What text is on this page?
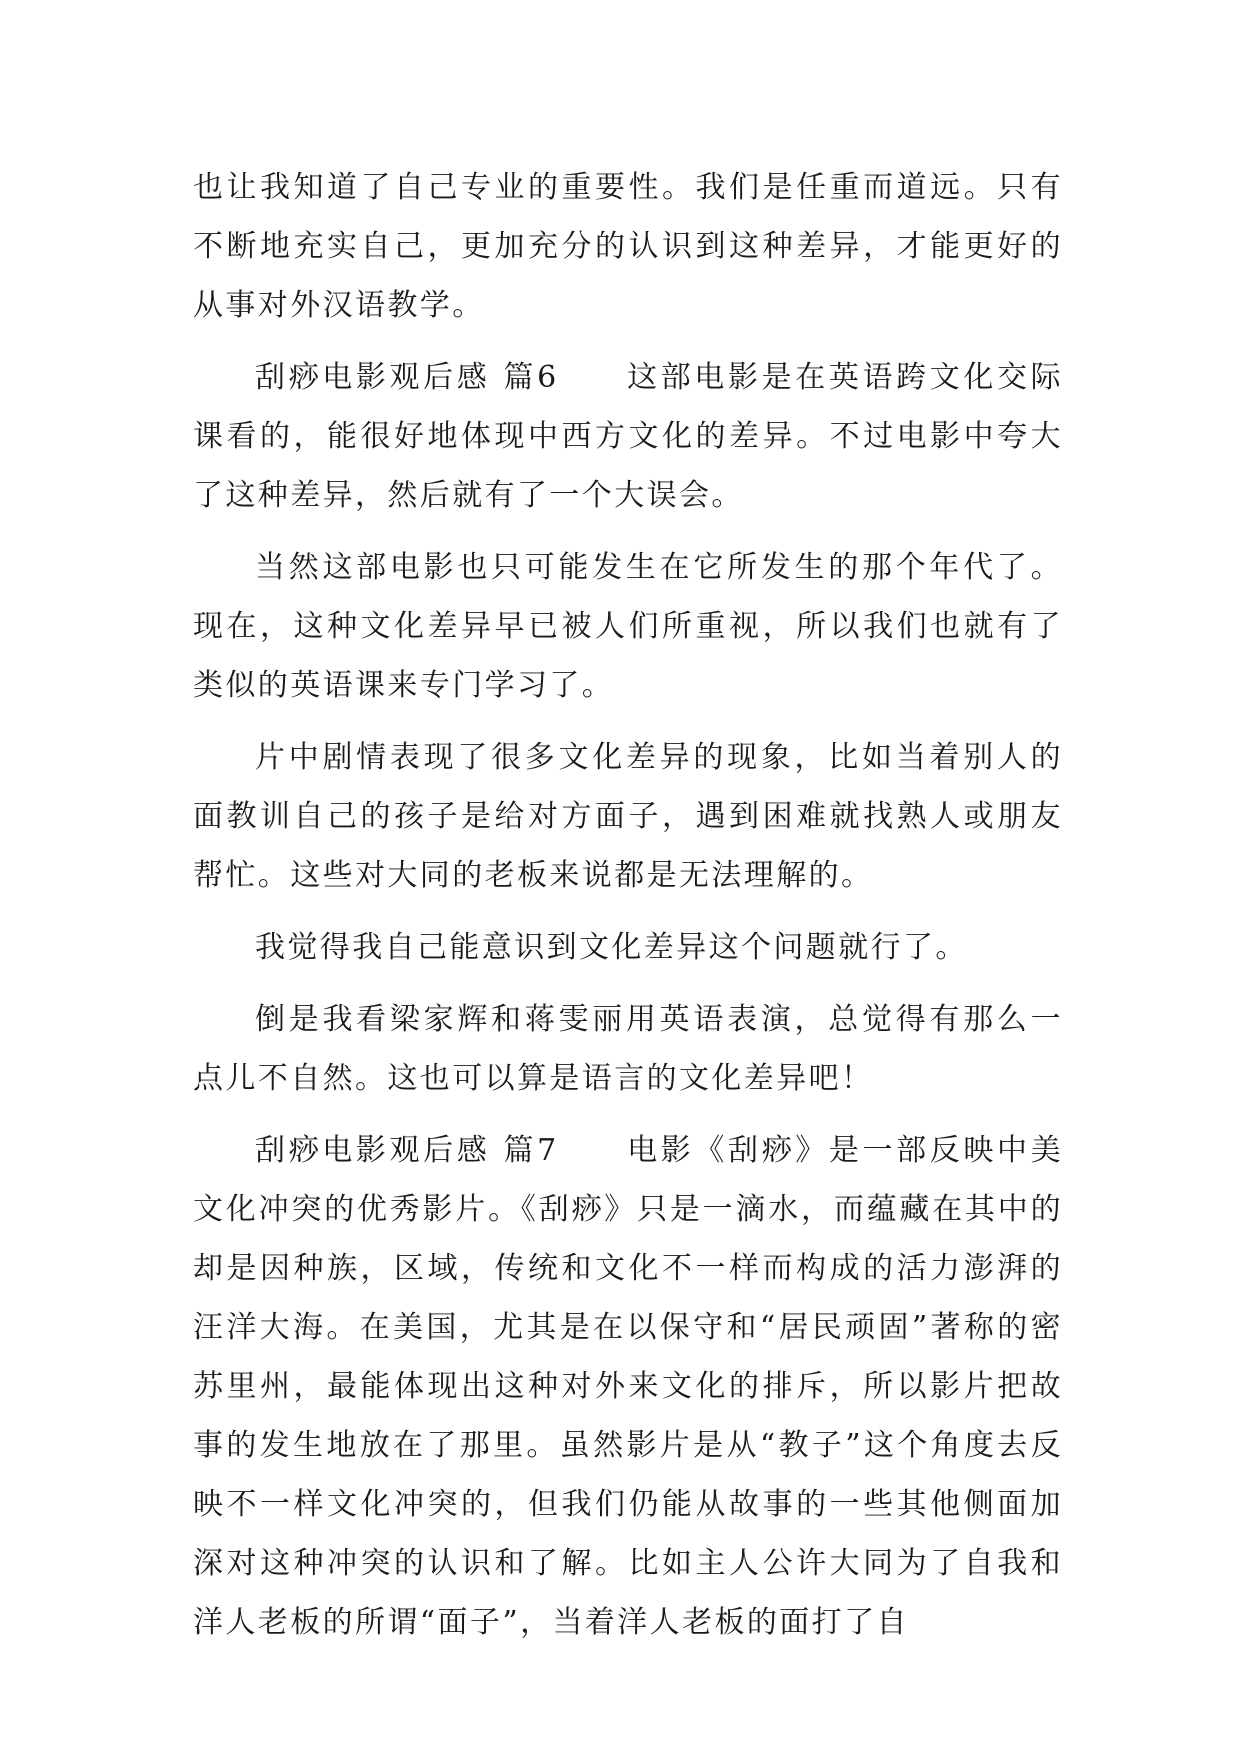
也让我知道了自己专业的重要性。我们是任重而道远。只有不断地充实自己，更加充分的认识到这种差异，才能更好的从事对外汉语教学。

刮痧电影观后感 篇6　　这部电影是在英语跨文化交际课看的，能很好地体现中西方文化的差异。不过电影中夸大了这种差异，然后就有了一个大误会。

当然这部电影也只可能发生在它所发生的那个年代了。现在，这种文化差异早已被人们所重视，所以我们也就有了类似的英语课来专门学习了。

片中剧情表现了很多文化差异的现象，比如当着别人的面教训自己的孩子是给对方面子，遇到困难就找熟人或朋友帮忙。这些对大同的老板来说都是无法理解的。

我觉得我自己能意识到文化差异这个问题就行了。

倒是我看梁家辉和蒋雯丽用英语表演，总觉得有那么一点儿不自然。这也可以算是语言的文化差异吧！

刮痧电影观后感 篇7　　电影《刮痧》是一部反映中美文化冲突的优秀影片。《刮痧》只是一滴水，而蕴藏在其中的却是因种族，区域，传统和文化不一样而构成的活力澎湃的汪洋大海。在美国，尤其是在以保守和“居民顽固”著称的密苏里州，最能体现出这种对外来文化的排斥，所以影片把故事的发生地放在了那里。虽然影片是从“教子”这个角度去反映不一样文化冲突的，但我们仍能从故事的一些其他侧面加深对这种冲突的认识和了解。比如主人公许大同为了自我和洋人老板的所谓“面子”，当着洋人老板的面打了自
